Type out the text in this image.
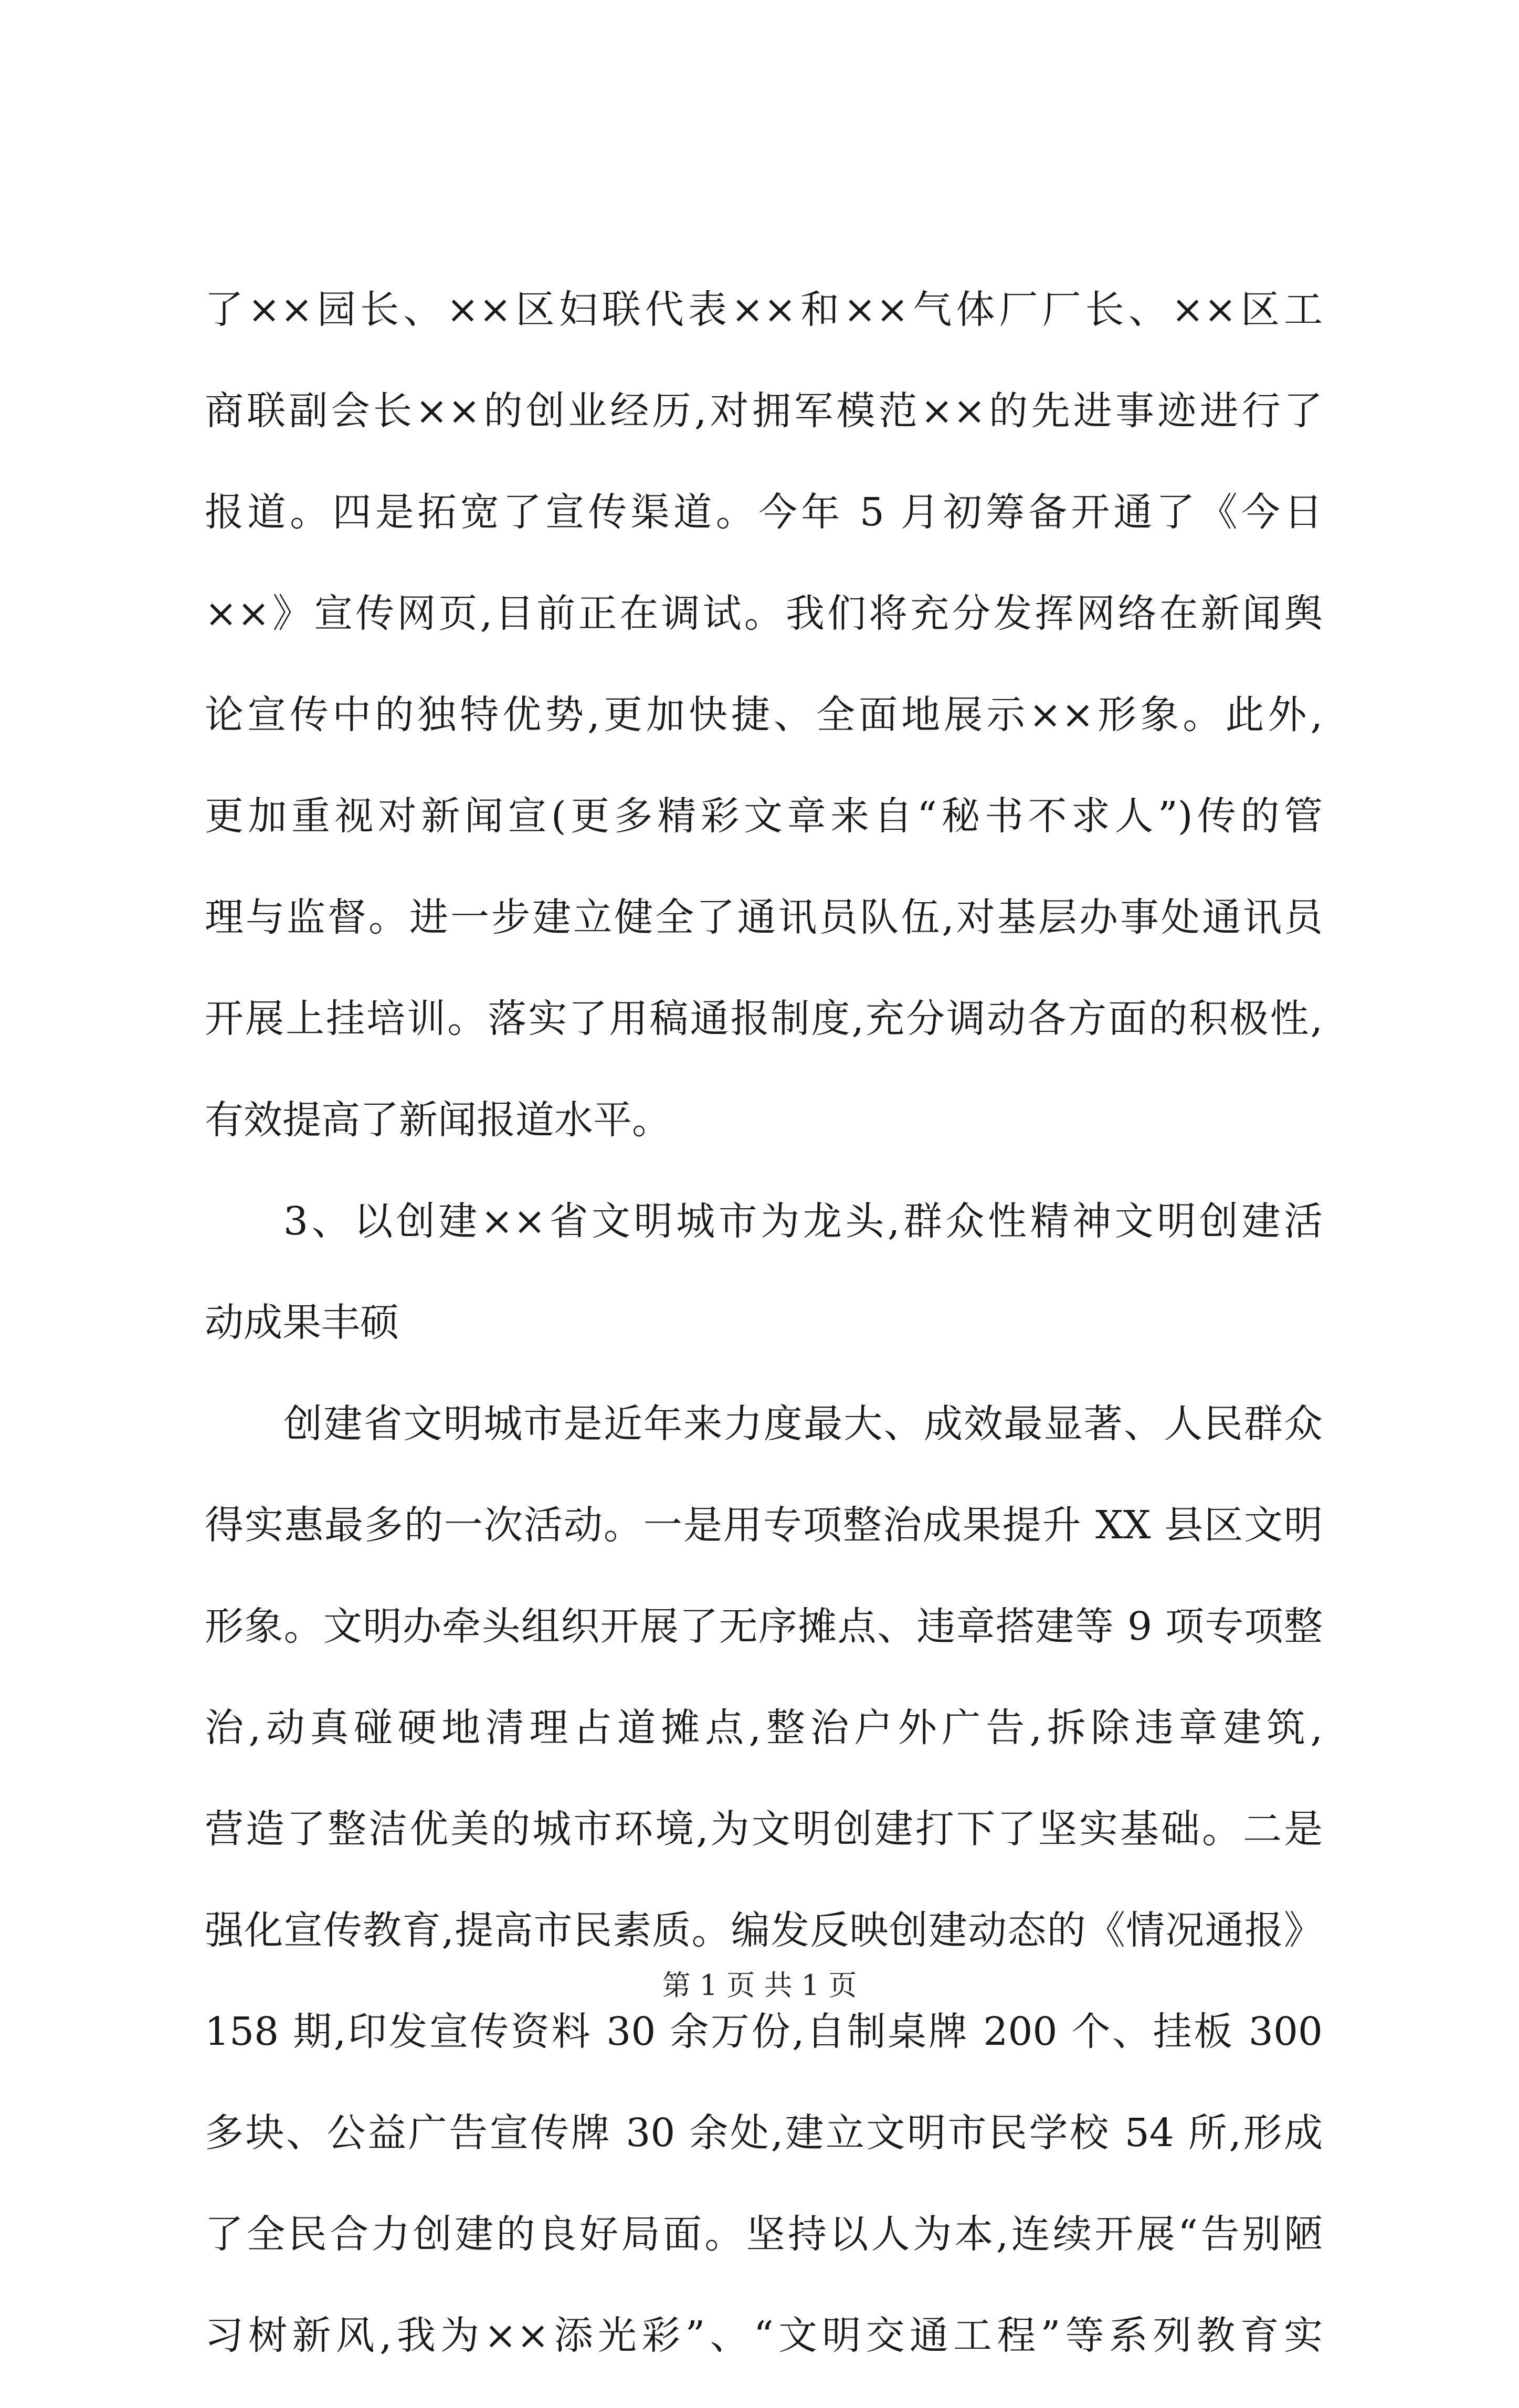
了××园长、××区妇联代表××和××气体厂厂长、××区工
商联副会长××的创业经历,对拥军模范××的先进事迹进行了
报道。四是拓宽了宣传渠道。今年 5 月初筹备开通了《今日
××》宣传网页,目前正在调试。我们将充分发挥网络在新闻舆
论宣传中的独特优势,更加快捷、全面地展示××形象。此外,
更加重视对新闻宣(更多精彩文章来自“秘书不求人”)传的管
理与监督。进一步建立健全了通讯员队伍,对基层办事处通讯员
开展上挂培训。落实了用稿通报制度,充分调动各方面的积极性,
有效提高了新闻报道水平。
3、以创建××省文明城市为龙头,群众性精神文明创建活
动成果丰硕
创建省文明城市是近年来力度最大、成效最显著、人民群众
得实惠最多的一次活动。一是用专项整治成果提升 XX 县区文明
形象。文明办牵头组织开展了无序摊点、违章搭建等 9 项专项整
治,动真碰硬地清理占道摊点,整治户外广告,拆除违章建筑,
营造了整洁优美的城市环境,为文明创建打下了坚实基础。二是
强化宣传教育,提高市民素质。编发反映创建动态的《情况通报》
158 期,印发宣传资料 30 余万份,自制桌牌 200 个、挂板 300
多块、公益广告宣传牌 30 余处,建立文明市民学校 54 所,形成
了全民合力创建的良好局面。坚持以人为本,连续开展“告别陋
习树新风,我为××添光彩”、“文明交通工程”等系列教育实
第 1 页 共 1 页
